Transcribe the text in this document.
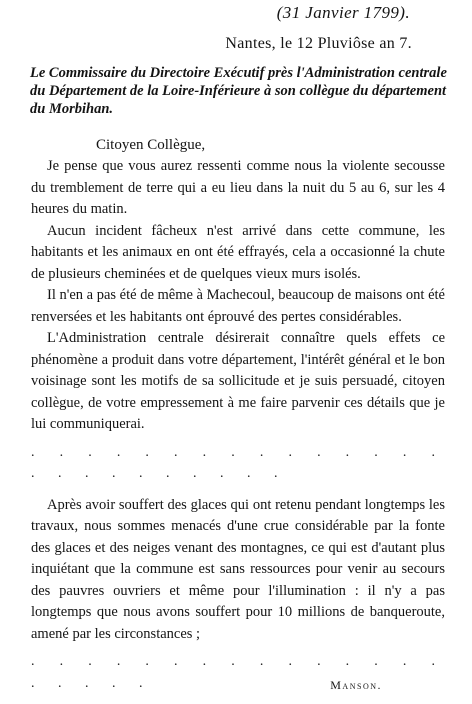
(31 Janvier 1799).
Nantes, le 12 Pluviôse an 7.
Le Commissaire du Directoire Exécutif près l'Administration centrale du Département de la Loire-Inférieure à son collègue du département du Morbihan.
Citoyen Collègue,

Je pense que vous aurez ressenti comme nous la violente secousse du tremblement de terre qui a eu lieu dans la nuit du 5 au 6, sur les 4 heures du matin.

Aucun incident fâcheux n'est arrivé dans cette commune, les habitants et les animaux en ont été effrayés, cela a occasionné la chute de plusieurs cheminées et de quelques vieux murs isolés.

Il n'en a pas été de même à Machecoul, beaucoup de maisons ont été renversées et les habitants ont éprouvé des pertes considérables.

L'Administration centrale désirerait connaître quels effets ce phénomène a produit dans votre département, l'intérêt général et le bon voisinage sont les motifs de sa sollicitude et je suis persuadé, citoyen collègue, de votre empressement à me faire parvenir ces détails que je lui communiquerai.

. . . . . . . . . . . . . . . . . . . . . . . . .

Après avoir souffert des glaces qui ont retenu pendant longtemps les travaux, nous sommes menacés d'une crue considérable par la fonte des glaces et des neiges venant des montagnes, ce qui est d'autant plus inquiétant que la commune est sans ressources pour venir au secours des pauvres ouvriers et même pour l'illumination : il n'y a pas longtemps que nous avons souffert pour 10 millions de banqueroute, amené par les circonstances ;

. . . . . . . . . . . . . . . . . . . .	Manson.
